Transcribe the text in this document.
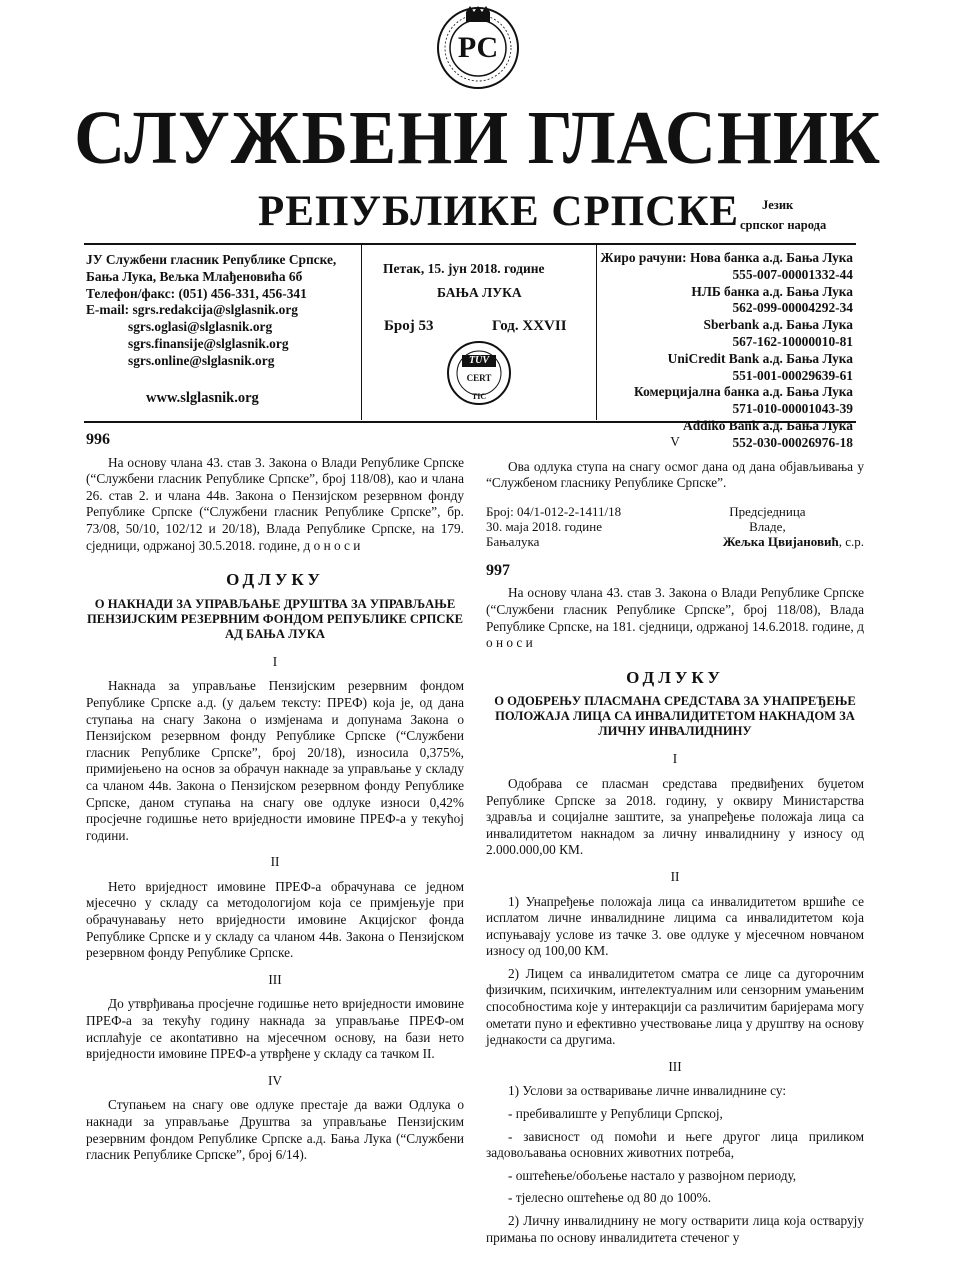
РС
СЛУЖБЕНИ ГЛАСНИК
РЕПУБЛИКЕ СРПСКЕ Језик
српског народа
ЈУ Службени гласник Републике Српске,
Бања Лука, Вељка Млађеновића 6б
Телефон/факс: (051) 456-331, 456-341
E-mail: sgrs.redakcija@slglasnik.org
sgrs.oglasi@slglasnik.org
sgrs.finansije@slglasnik.org
sgrs.online@slglasnik.org
www.slglasnik.org
Петак, 15. јун 2018. године
БАЊА ЛУКА
Број 53	Год. XXVII
TÜV
CERT
TIC
Жиро рачуни: Нова банка а.д. Бања Лука
555-007-00001332-44
НЛБ банка а.д. Бања Лука
562-099-00004292-34
Sberbank а.д. Бања Лука
567-162-10000010-81
UniCredit Bank а.д. Бања Лука
551-001-00029639-61
Комерцијална банка а.д. Бања Лука
571-010-00001043-39
Addiko Bank а.д. Бања Лука
552-030-00026976-18
996

На основу члана 43. став 3. Закона о Влади Републике Српске (“Службени гласник Републике Српске”, број 118/08), као и члана 26. став 2. и члана 44в. Закона о Пензијском резервном фонду Републике Српске (“Службени гласник Републике Српске”, бр. 73/08, 50/10, 102/12 и 20/18), Влада Републике Српске, на 179. сједници, одржаној 30.5.2018. године, д о н о с и

ОДЛУКУ
О НАКНАДИ ЗА УПРАВЉАЊЕ ДРУШТВА ЗА УПРАВЉАЊЕ ПЕНЗИЈСКИМ РЕЗЕРВНИМ ФОНДОМ РЕПУБЛИКЕ СРПСКЕ АД БАЊА ЛУКА

I

Накнада за управљање Пензијским резервним фондом Републике Српске а.д. (у даљем тексту: ПРЕФ) која је, од дана ступања на снагу Закона о измјенама и допунама Закона о Пензијском резервном фонду Републике Српске (“Службени гласник Републике Српске”, број 20/18), износила 0,375%, примијењено на основ за обрачун накнаде за управљање у складу са чланом 44в. Закона о Пензијском резервном фонду Републике Српске, даном ступања на снагу ове одлуке износи 0,42% просјечне годишње нето вриједности имовине ПРЕФ-а у текућој години.

II

Нето вриједност имовине ПРЕФ-а обрачунава се једном мјесечно у складу са методологијом која се примјењује при обрачунавању нето вриједности имовине Акцијског фонда Републике Српске и у складу са чланом 44в. Закона о Пензијском резервном фонду Републике Српске.

III

До утврђивања просјечне годишње нето вриједности имовине ПРЕФ-а за текућу годину накнада за управљање ПРЕФ-ом исплаћује се акontативно на мјесечном основу, на бази нето вриједности имовине ПРЕФ-а утврђене у складу са тачком II.

IV

Ступањем на снагу ове одлуке престаје да важи Одлука о накнади за управљање Друштва за управљање Пензијским резервним фондом Републике Српске а.д. Бања Лука (“Службени гласник Републике Српске”, број 6/14).

V

Ова одлука ступа на снагу осмог дана од дана објављивања у “Службеном гласнику Републике Српске”.

Број: 04/1-012-2-1411/18	Предсједница
30. маја 2018. године	Владе,
Бањалука	Жељка Цвијановић, с.р.
997

На основу члана 43. став 3. Закона о Влади Републике Српске (“Службени гласник Републике Српске”, број 118/08), Влада Републике Српске, на 181. сједници, одржаној 14.6.2018. године, д о н о с и

ОДЛУКУ
О ОДОБРЕЊУ ПЛАСМАНА СРЕДСТАВА ЗА УНАПРЕЂЕЊЕ ПОЛОЖАЈА ЛИЦА СА ИНВАЛИДИТЕТОМ НАКНАДОМ ЗА ЛИЧНУ ИНВАЛИДНИНУ

I

Одобрава се пласман средстава предвиђених буџетом Републике Српске за 2018. годину, у оквиру Министарства здравља и социјалне заштите, за унапређење положаја лица са инвалидитетом накнадом за личну инвалиднину у износу од 2.000.000,00 КМ.

II

1) Унапређење положаја лица са инвалидитетом вршиће се исплатом личне инвалиднине лицима са инвалидитетом која испуњавају услове из тачке 3. ове одлуке у мјесечном новчаном износу од 100,00 КМ.

2) Лицем са инвалидитетом сматра се лице са дугорочним физичким, психичким, интелектуалним или сензорним умањеним способностима које у интеракцији са различитим баријерама могу ометати пуно и ефективно учествовање лица у друштву на основу једнакости са другима.

III

1) Услови за остваривање личне инвалиднине су:

- пребивалиште у Републици Српској,

- зависност од помоћи и његе другог лица приликом задовољавања основних животних потреба,

- оштећење/обољење настало у развојном периоду,

- тјелесно оштећење од 80 до 100%.

2) Личну инвалиднину не могу остварити лица која остварују примања по основу инвалидитета стеченог у
